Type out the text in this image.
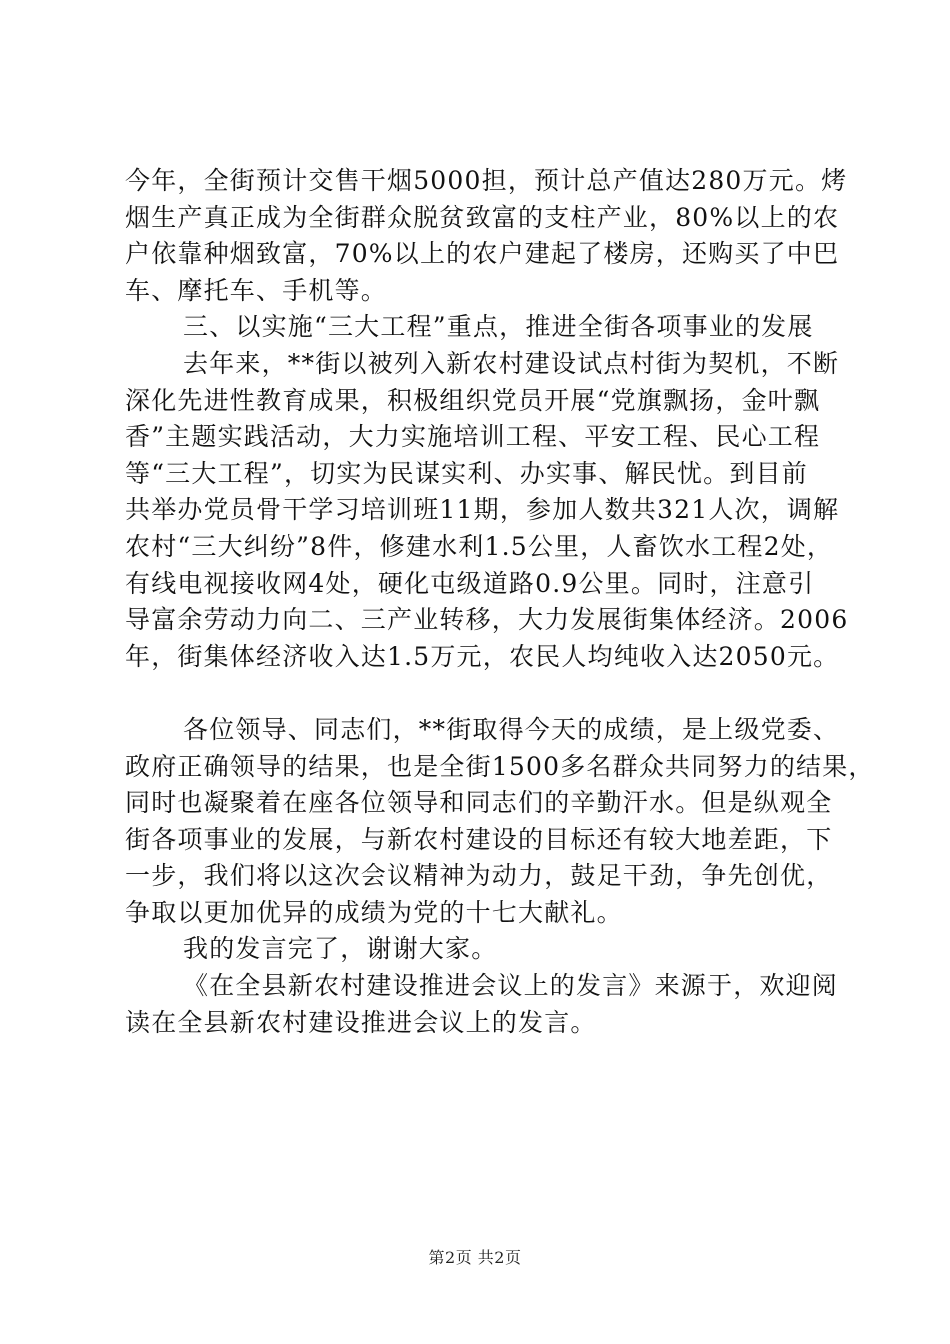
今年，全街预计交售干烟5000担，预计总产值达280万元。烤
烟生产真正成为全街群众脱贫致富的支柱产业，80%以上的农
户依靠种烟致富，70%以上的农户建起了楼房，还购买了中巴
车、摩托车、手机等。
三、以实施“三大工程”重点，推进全街各项事业的发展
去年来，**街以被列入新农村建设试点村街为契机，不断
深化先进性教育成果，积极组织党员开展“党旗飘扬，金叶飘
香”主题实践活动，大力实施培训工程、平安工程、民心工程
等“三大工程”，切实为民谋实利、办实事、解民忧。到目前
共举办党员骨干学习培训班11期，参加人数共321人次，调解
农村“三大纠纷”8件，修建水利1.5公里，人畜饮水工程2处，
有线电视接收网4处，硬化屯级道路0.9公里。同时，注意引
导富余劳动力向二、三产业转移，大力发展街集体经济。2006
年，街集体经济收入达1.5万元，农民人均纯收入达2050元。
各位领导、同志们，**街取得今天的成绩，是上级党委、
政府正确领导的结果，也是全街1500多名群众共同努力的结果，
同时也凝聚着在座各位领导和同志们的辛勤汗水。但是纵观全
街各项事业的发展，与新农村建设的目标还有较大地差距，下
一步，我们将以这次会议精神为动力，鼓足干劲，争先创优，
争取以更加优异的成绩为党的十七大献礼。
我的发言完了，谢谢大家。
《在全县新农村建设推进会议上的发言》来源于，欢迎阅
读在全县新农村建设推进会议上的发言。
第2页 共2页
